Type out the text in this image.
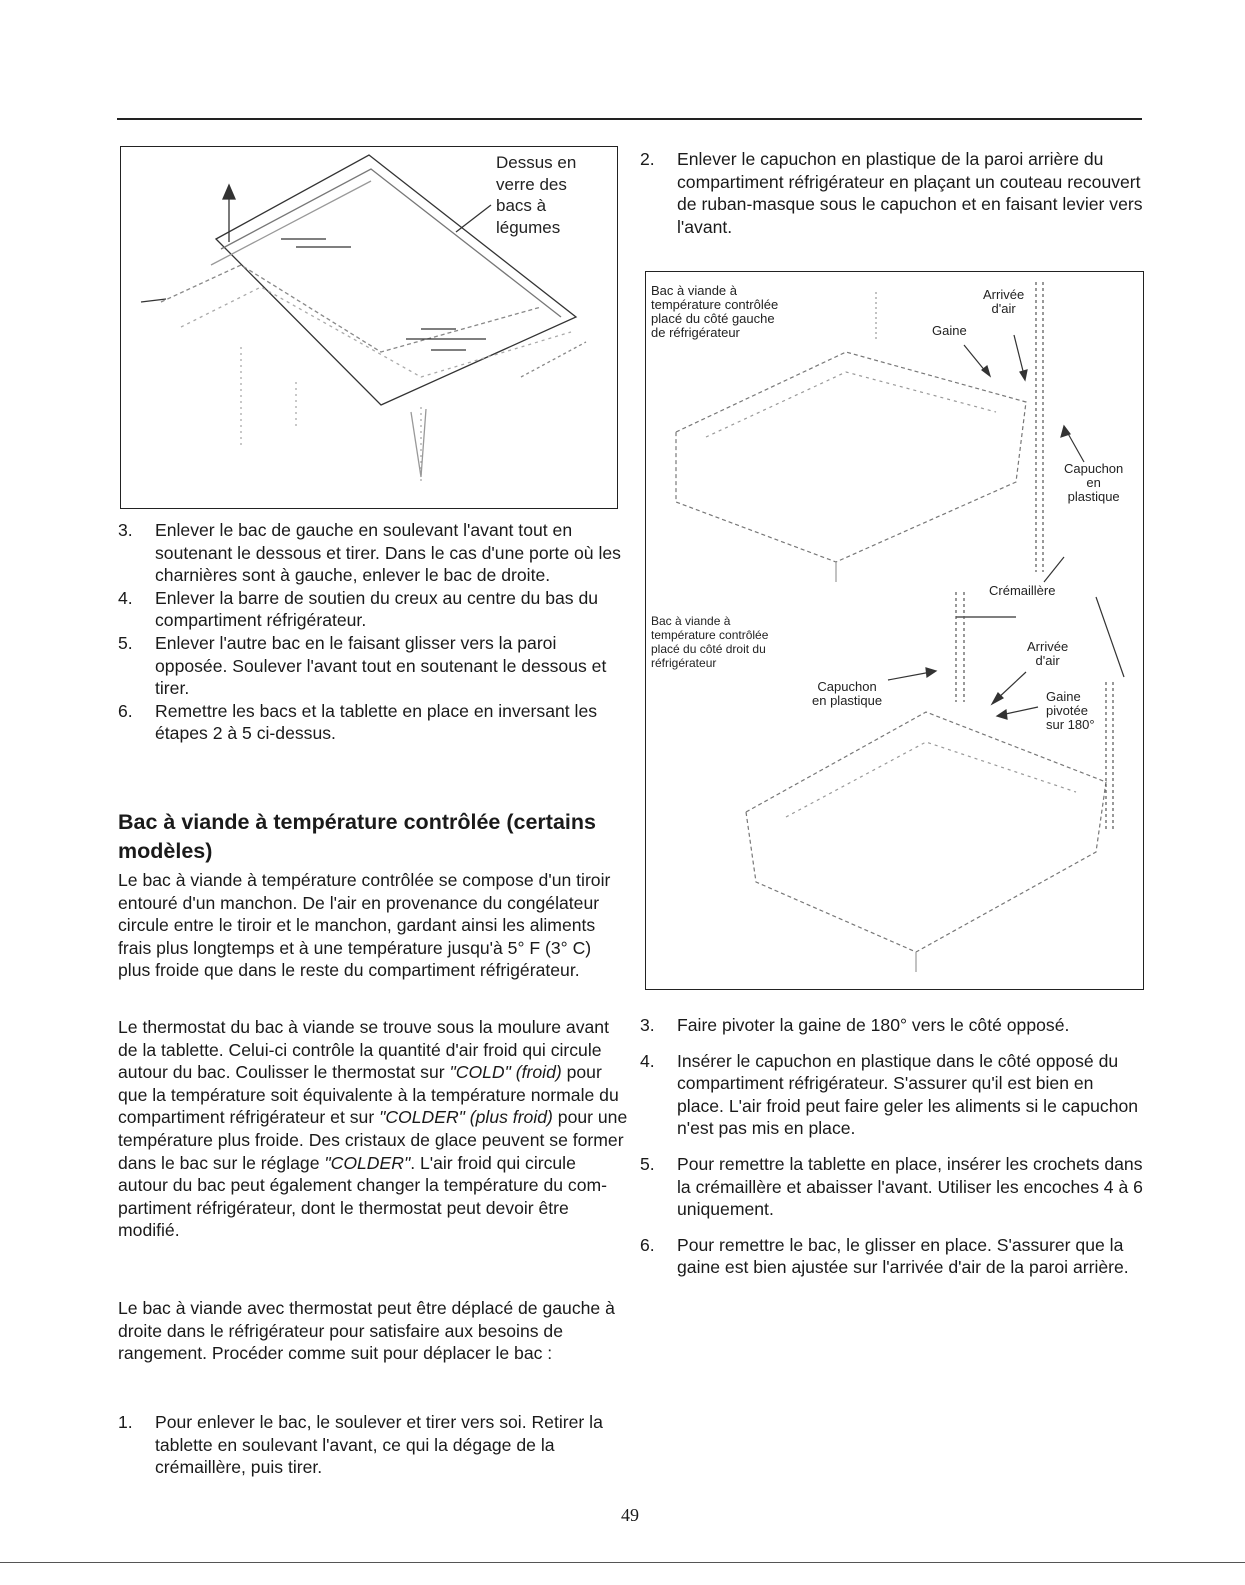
Dessus en
verre des
bacs à
légumes
3. Enlever le bac de gauche en soulevant l'avant tout en soutenant le dessous et tirer. Dans le cas d'une porte où les charnières sont à gauche, enlever le bac de droite.
4. Enlever la barre de soutien du creux au centre du bas du compartiment réfrigérateur.
5. Enlever l'autre bac en le faisant glisser vers la paroi opposée. Soulever l'avant tout en soutenant le dessous et tirer.
6. Remettre les bacs et la tablette en place en inversant les étapes 2 à 5 ci-dessus.
Bac à viande à température contrôlée (certains modèles)

Le bac à viande à température contrôlée se compose d'un tiroir entouré d'un manchon. De l'air en provenance du congélateur circule entre le tiroir et le manchon, gardant ainsi les aliments frais plus longtemps et à une température jusqu'à 5° F (3° C) plus froide que dans le reste du compartiment réfrigérateur.

Le thermostat du bac à viande se trouve sous la moulure avant de la tablette. Celui-ci contrôle la quantité d'air froid qui circule autour du bac. Coulisser le thermostat sur "COLD" (froid) pour que la température soit équivalente à la température normale du compartiment réfrigérateur et sur "COLDER" (plus froid) pour une température plus froide. Des cristaux de glace peuvent se former dans le bac sur le réglage "COLDER". L'air froid qui circule autour du bac peut également changer la température du com-partiment réfrigérateur, dont le thermostat peut devoir être modifié.

Le bac à viande avec thermostat peut être déplacé de gauche à droite dans le réfrigérateur pour satisfaire aux besoins de rangement. Procéder comme suit pour déplacer le bac :

1. Pour enlever le bac, le soulever et tirer vers soi. Retirer la tablette en soulevant l'avant, ce qui la dégage de la crémaillère, puis tirer.
2. Enlever le capuchon en plastique de la paroi arrière du compartiment réfrigérateur en plaçant un couteau recouvert de ruban-masque sous le capuchon et en faisant levier vers l'avant.
Bac à viande à
température contrôlée
placé du côté gauche
de réfrigérateur
Arrivée
d'air
Gaine
Capuchon
en
plastique
Crémaillère
Bac à viande à
température contrôlée
placé du côté droit du
réfrigérateur
Capuchon
en plastique
Arrivée
d'air
Gaine
pivotée
sur 180°
3. Faire pivoter la gaine de 180° vers le côté opposé.
4. Insérer le capuchon en plastique dans le côté opposé du compartiment réfrigérateur. S'assurer qu'il est bien en place. L'air froid peut faire geler les aliments si le capuchon n'est pas mis en place.
5. Pour remettre la tablette en place, insérer les crochets dans la crémaillère et abaisser l'avant. Utiliser les encoches 4 à 6 uniquement.
6. Pour remettre le bac, le glisser en place. S'assurer que la gaine est bien ajustée sur l'arrivée d'air de la paroi arrière.
49
